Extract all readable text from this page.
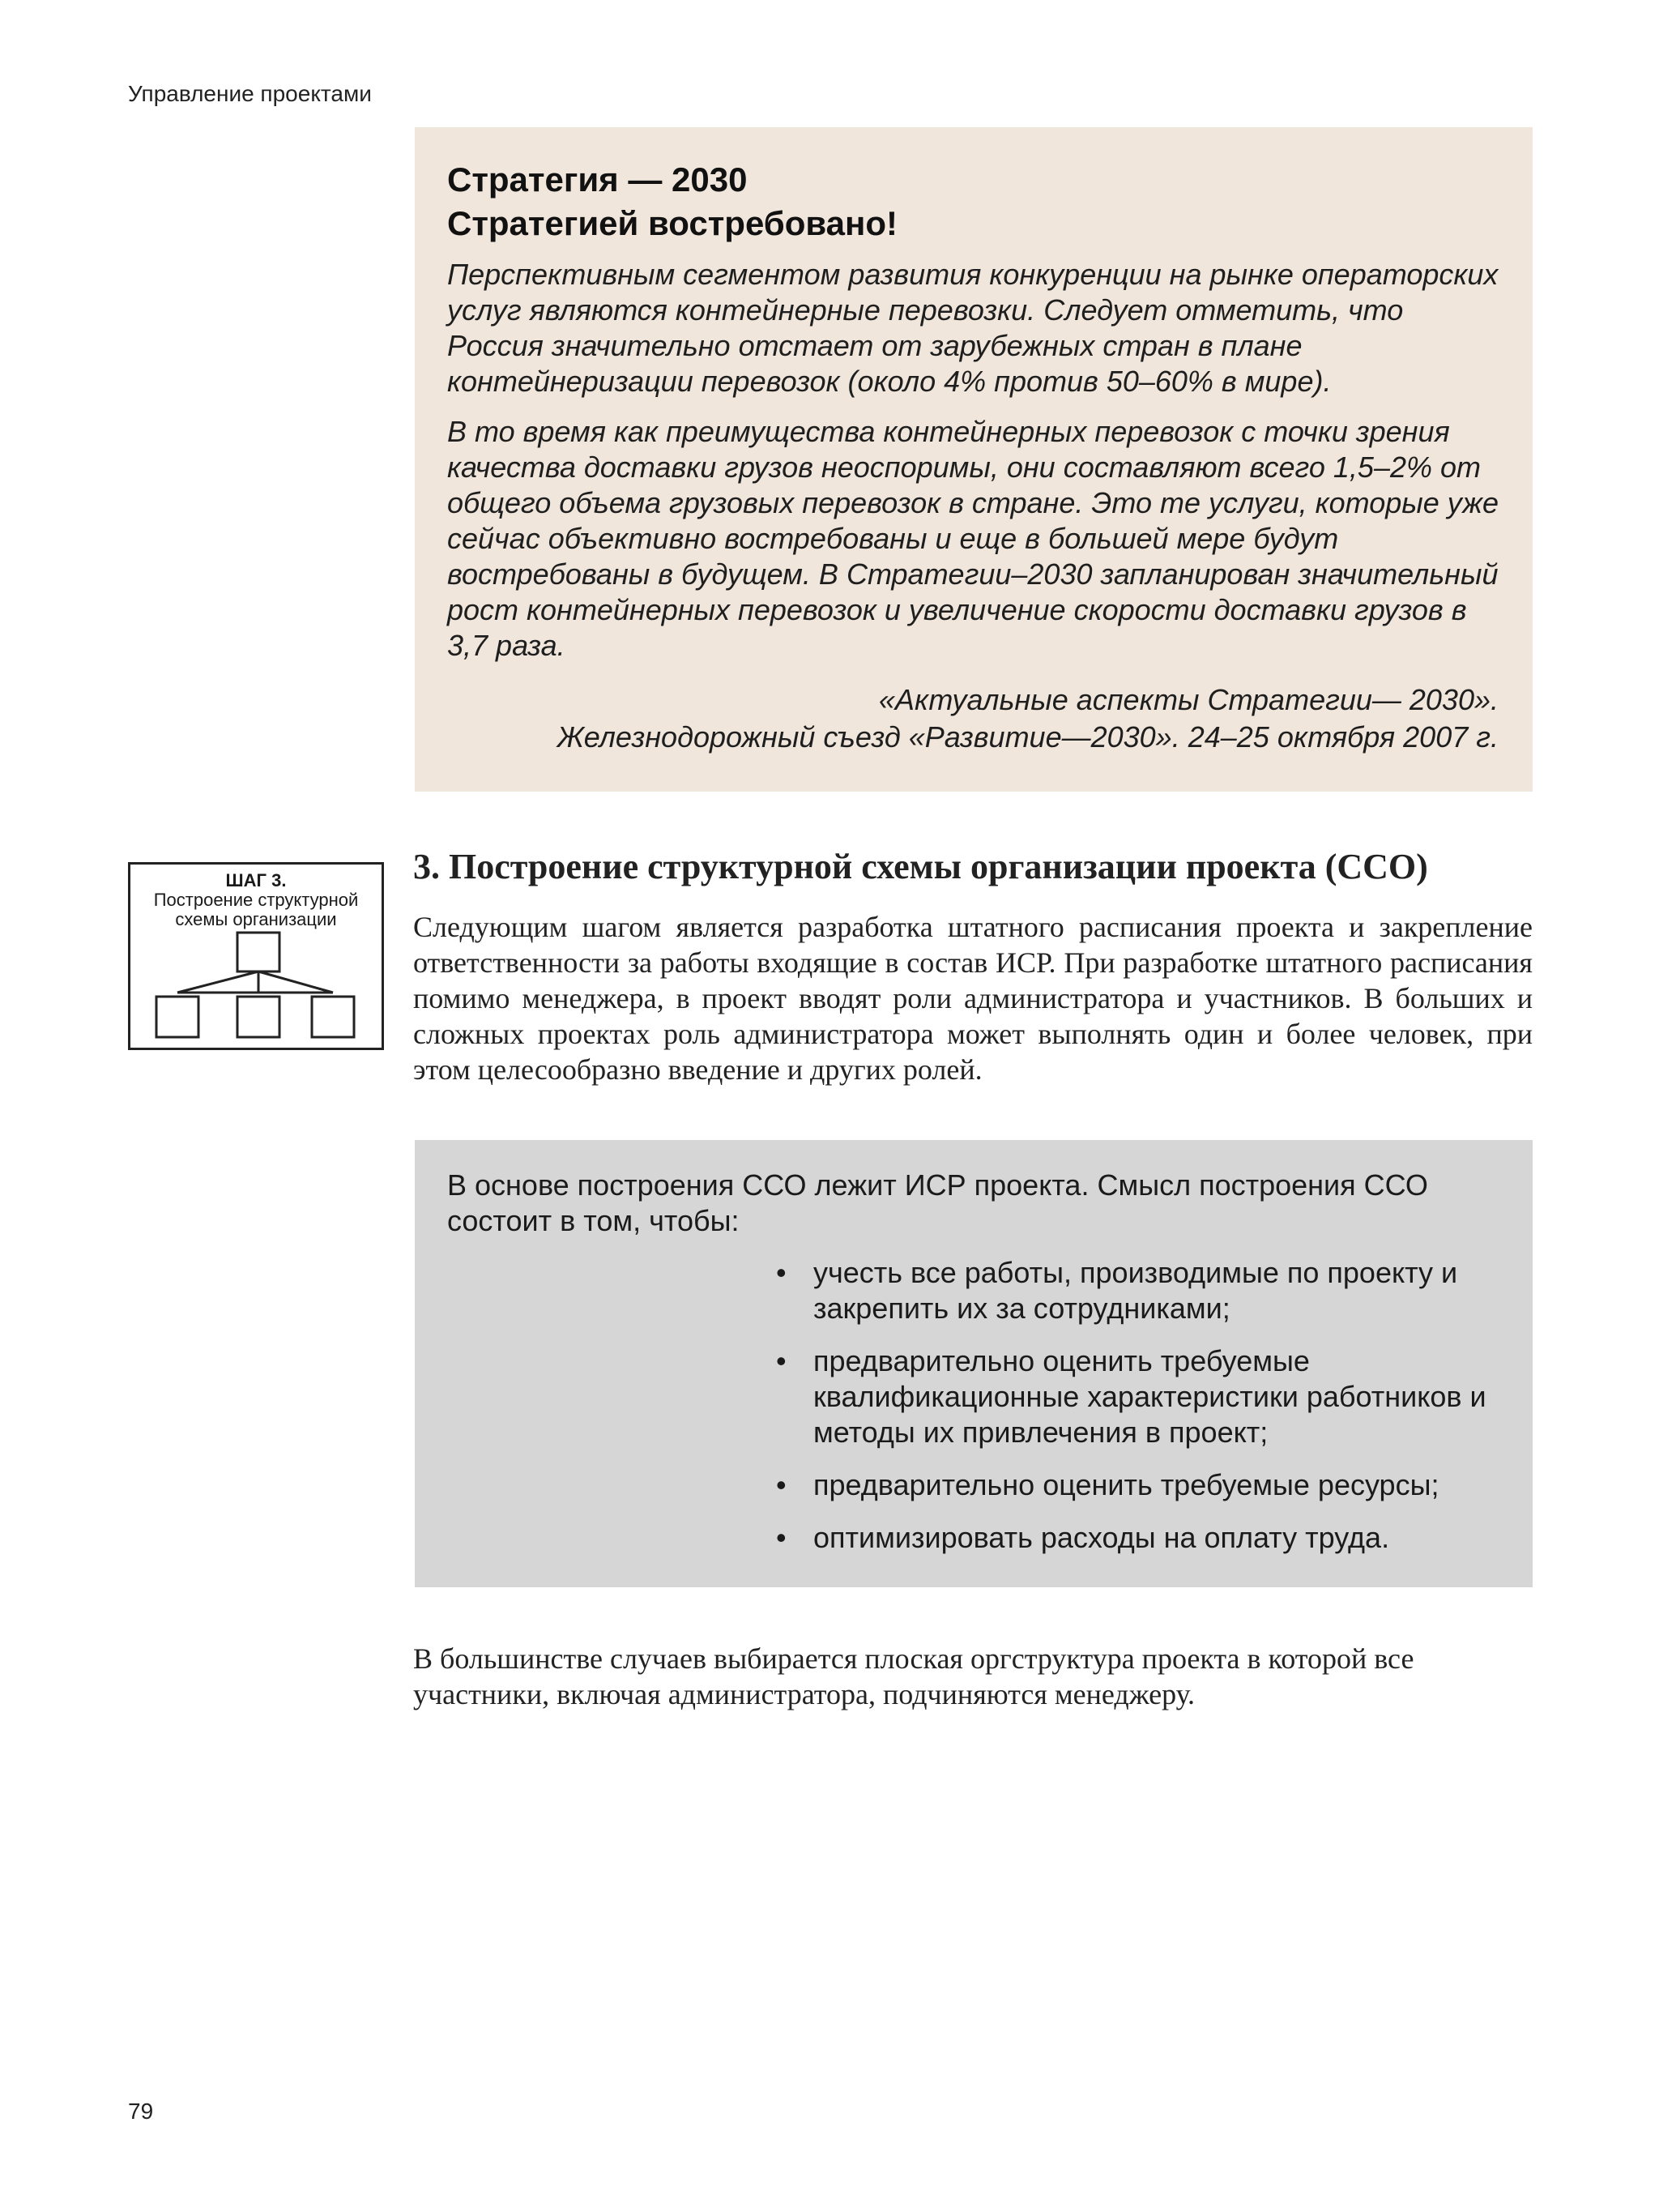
Управление проектами
Стратегия — 2030
Стратегией востребовано!

Перспективным сегментом развития конкуренции на рынке операторских услуг являются контейнерные перевозки. Следует отметить, что Россия значительно отстает от зарубежных стран в плане контейнеризации перевозок (около 4% против 50–60% в мире).

В то время как преимущества контейнерных перевозок с точки зрения качества доставки грузов неоспоримы, они составляют всего 1,5–2% от общего объема грузовых перевозок в стране. Это те услуги, которые уже сейчас объективно востребованы и еще в большей мере будут востребованы в будущем. В Стратегии–2030 запланирован значительный рост контейнерных перевозок и увеличение скорости доставки грузов в 3,7 раза.

«Актуальные аспекты Стратегии— 2030».
Железнодорожный съезд «Развитие—2030». 24–25 октября 2007 г.
ШАГ 3.
Построение структурной
схемы организации
3. Построение структурной схемы организации проекта (ССО)
Следующим шагом является разработка штатного расписания проекта и закрепление ответственности за работы входящие в состав ИСР. При разработке штатного расписания помимо менеджера, в проект вводят роли администратора и участников. В больших и сложных проектах роль администратора может выполнять один и более человек, при этом целесообразно введение и других ролей.

В основе построения ССО лежит ИСР проекта. Смысл построения ССО состоит в том, чтобы:

• учесть все работы, производимые по проекту и закрепить их за сотрудниками;
• предварительно оценить требуемые квалификационные характеристики работников и методы их привлечения в проект;
• предварительно оценить требуемые ресурсы;
• оптимизировать расходы на оплату труда.
В большинстве случаев выбирается плоская оргструктура проекта в которой все участники, включая администратора, подчиняются менеджеру.
79
